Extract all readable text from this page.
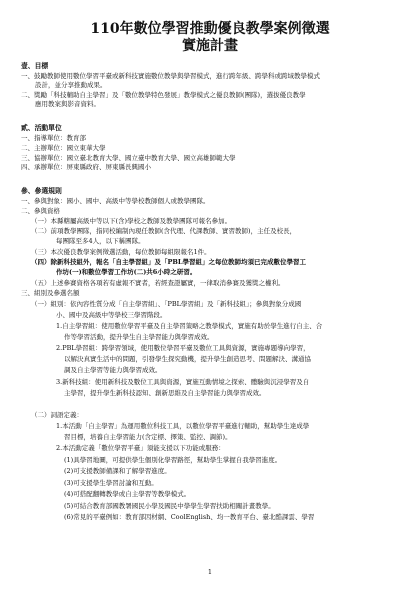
110年數位學習推動優良教學案例徵選
實施計畫
壹、目標
一、鼓勵教師使用數位學習平臺或新科技實施數位教學與學習模式，進行跨年級、跨學科或跨域教學模式
設計，並分享推動成果。
二、獎勵「科技輔助自主學習」及「數位教學特色發展」教學模式之優良教師(團隊)，選拔優良教學
應用教案與影音資料。
貳、活動單位
一、指導單位：教育部
二、主辦單位：國立東華大學
三、協辦單位：國立臺北教育大學、國立臺中教育大學、國立高雄師範大學
四、承辦單位：屏東縣政府、屏東縣長興國小
參、參選規則
一、參與對象：國小、國中、高級中等學校教師個人或教學團隊。
二、參與資格
（一）本縣轄屬高級中等以下(含)學校之教師及教學團隊可報名參加。
（二）前項教學團隊，指同校編制內現任教師(含代理、代課教師、實習教師)，主任及校長，
每團隊至多4人，以下稱團隊。
（三）本次優良教學案例徵選活動，每位教師每組限報名1件。
（四）除新科技組外，報名「自主學習組」及「PBL學習組」之每位教師均須已完成數位學習工
作坊(一)和數位學習工作坊(二)共6小時之研習。
（五）上述參賽資格各項若有虛報不實者，若經查證屬實，一律取消參賽及獲獎之權利。
三、組別及參選名額
（一）組別：依內容性質分成「自主學習組」、「PBL學習組」及「新科技組」；參與對象分成國
小、國中及高級中等學校三學習階段。
1.自主學習組：使用數位學習平臺及自主學習策略之教學模式，實施有助於學生進行自主、合
作等學習活動，提升學生自主學習能力與學習成效。
2.PBL學習組：跨學習領域，使用數位學習平臺及數位工具與資源，實施專題導向學習，
以解決真實生活中的問題，引發學生探究動機，提升學生創造思考、問題解決、溝通協
調及自主學習等能力與學習成效。
3.新科技組：使用新科技及數位工具與資源，實施互動情境之探索、體驗與沉浸學習及自
主學習，提升學生新科技認知、創新思維及自主學習能力與學習成效。
（二）詞語定義：
1.本活動「自主學習」為運用數位科技工具，以數位學習平臺進行輔助，幫助學生達成學
習目標，培養自主學習能力(含定標、擇策、監控、調節)。
2.本活動定義「數位學習平臺」須能支援以下功能或服務：
(1)具學習地圖，可提供學生個別化學習路徑，幫助學生掌握自我學習進度。
(2)可支援教師備課和了解學習進度。
(3)可支援學生學習討論和互動。
(4)可搭配翻轉教學或自主學習等教學模式。
(5)可結合教育部國教署國民小學及國民中學學生學習扶助相關計畫教學。
(6)常見的平臺例如：教育部因材網、CoolEnglish、均一教育平台、臺北酷課雲、學習
1
